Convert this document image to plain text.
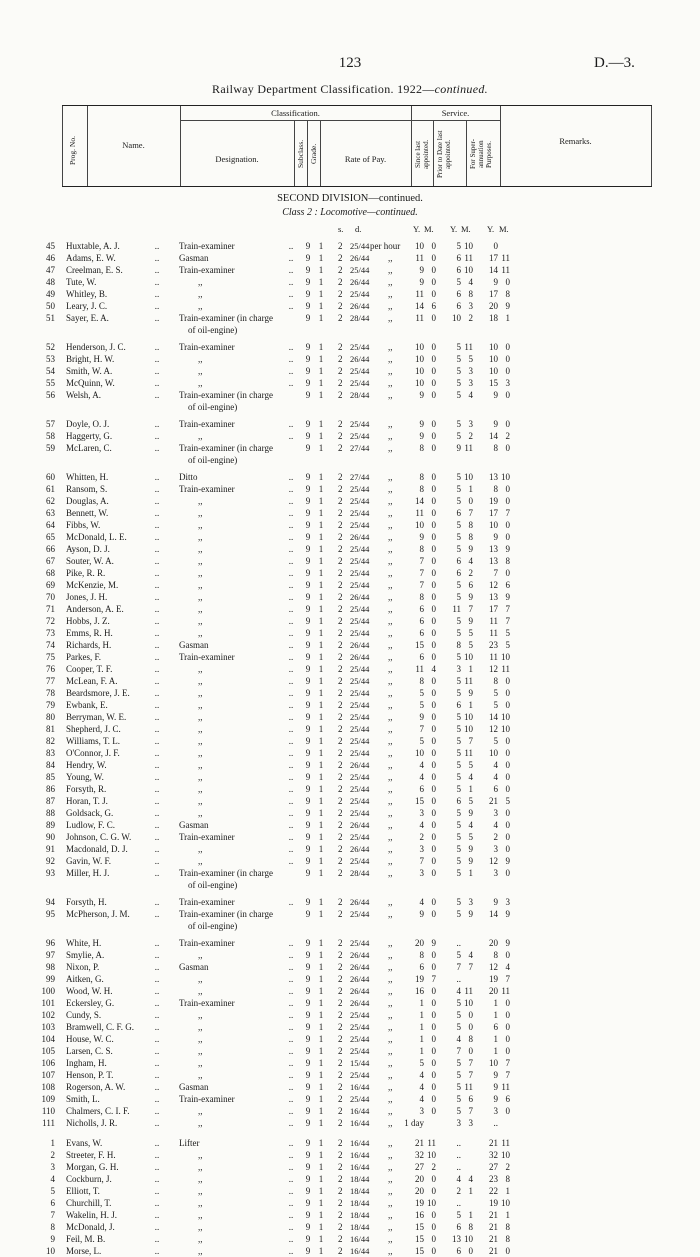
123	D.—3.
Railway Department Classification. 1922—continued.
Prog. No.	Name.
Classification.	Service.
Designation.	Subclass. Grade.	Rate of Pay.	Since last appointed. Prior to Date last appointed.	For Super-annuation Purposes.	Remarks.
SECOND DIVISION—continued.
Class 2 : Locomotive—continued.
s. d.	Y. M. Y. M. Y. M.
45 Huxtable, A. J.	..	Train-examiner	..	9 1	2 25/44 per hour	10 0	5 10	0
46 Adams, E. W.	..	Gasman	..	9 1	2 26/44 ,,	11 0	6 11	17 11
47 Creelman, E. S.	..	Train-examiner	..	9 1	2 25/44 ,,	9 0	6 10	14 11
48 Tute, W.	..	,,	..	9 1	2 26/44 ,,	9 0	5 4	9 0
49 Whitley, B.	..	,,	..	9 1	2 25/44 ,,	11 0	6 8	17 8
50 Leary, J. C.	..	,,	..	9 1	2 26/44 ,,	14 6	6 3	20 9
51 Sayer, E. A.	..	Train-examiner (in charge	9 1	2 28/44 ,,	11 0	10 2	18 1
of oil-engine)
52 Henderson, J. C.	..	Train-examiner	..	9 1	2 25/44 ,,	10 0	5 11	10 0
53 Bright, H. W.	..	,,	..	9 1	2 26/44 ,,	10 0	5 5	10 0
54 Smith, W. A.	..	,,	..	9 1	2 25/44 ,,	10 0	5 3	10 0
55 McQuinn, W.	..	,,	..	9 1	2 25/44 ,,	10 0	5 3	15 3
56 Welsh, A.	..	Train-examiner (in charge	9 1	2 28/44 ,,	9 0	5 4	9 0
of oil-engine)
57 Doyle, O. J.	..	Train-examiner	..	9 1	2 25/44 ,,	9 0	5 3	9 0
58 Haggerty, G.	..	,,	..	9 1	2 25/44 ,,	9 0	5 2	14 2
59 McLaren, C.	..	Train-examiner (in charge	9 1	2 27/44 ,,	8 0	9 11	8 0
of oil-engine)
60 Whitten, H.	..	Ditto	..	9 1	2 27/44 ,,	8 0	5 10	13 10
61 Ransom, S.	..	Train-examiner	..	9 1	2 25/44 ,,	8 0	5 1	8 0
62 Douglas, A.	..	,,	..	9 1	2 25/44 ,,	14 0	5 0	19 0
63 Bennett, W.	..	,,	..	9 1	2 25/44 ,,	11 0	6 7	17 7
64 Fibbs, W.	..	,,	..	9 1	2 25/44 ,,	10 0	5 8	10 0
65 McDonald, L. E.	..	,,	..	9 1	2 26/44 ,,	9 0	5 8	9 0
66 Ayson, D. J.	..	,,	..	9 1	2 25/44 ,,	8 0	5 9	13 9
67 Souter, W. A.	..	,,	..	9 1	2 25/44 ,,	7 0	6 4	13 8
68 Pike, R. R.	..	,,	..	9 1	2 25/44 ,,	7 0	6 2	7 0
69 McKenzie, M.	..	,,	..	9 1	2 25/44 ,,	7 0	5 6	12 6
70 Jones, J. H.	..	,,	..	9 1	2 26/44 ,,	8 0	5 9	13 9
71 Anderson, A. E.	..	,,	..	9 1	2 25/44 ,,	6 0	11 7	17 7
72 Hobbs, J. Z.	..	,,	..	9 1	2 25/44 ,,	6 0	5 9	11 7
73 Emms, R. H.	..	,,	..	9 1	2 25/44 ,,	6 0	5 5	11 5
74 Richards, H.	..	Gasman	..	9 1	2 26/44 ,,	15 0	8 5	23 5
75 Parkes, F.	..	Train-examiner	..	9 1	2 26/44 ,,	6 0	5 10	11 10
76 Cooper, T. F.	..	,,	..	9 1	2 25/44 ,,	11 4	3 1	12 11
77 McLean, F. A.	..	,,	..	9 1	2 25/44 ,,	8 0	5 11	8 0
78 Beardsmore, J. E.	..	,,	..	9 1	2 25/44 ,,	5 0	5 9	5 0
79 Ewbank, E.	..	,,	..	9 1	2 25/44 ,,	5 0	6 1	5 0
80 Berryman, W. E.	..	,,	..	9 1	2 25/44 ,,	9 0	5 10	14 10
81 Shepherd, J. C.	..	,,	..	9 1	2 25/44 ,,	7 0	5 10	12 10
82 Williams, T. L.	..	,,	..	9 1	2 25/44 ,,	5 0	5 7	5 0
83 O'Connor, J. F.	..	,,	..	9 1	2 25/44 ,,	10 0	5 11	10 0
84 Hendry, W.	..	,,	..	9 1	2 26/44 ,,	4 0	5 5	4 0
85 Young, W.	..	,,	..	9 1	2 25/44 ,,	4 0	5 4	4 0
86 Forsyth, R.	..	,,	..	9 1	2 25/44 ,,	6 0	5 1	6 0
87 Horan, T. J.	..	,,	..	9 1	2 25/44 ,,	15 0	6 5	21 5
88 Goldsack, G.	..	,,	..	9 1	2 25/44 ,,	3 0	5 9	3 0
89 Ludlow, F. C.	..	Gasman	..	9 1	2 26/44 ,,	4 0	5 4	4 0
90 Johnson, C. G. W.	..	Train-examiner	..	9 1	2 25/44 ,,	2 0	5 5	2 0
91 Macdonald, D. J.	..	,,	..	9 1	2 26/44 ,,	3 0	5 9	3 0
92 Gavin, W. F.	..	,,	..	9 1	2 25/44 ,,	7 0	5 9	12 9
93 Miller, H. J.	..	Train-examiner (in charge	9 1	2 28/44 ,,	3 0	5 1	3 0
of oil-engine)
94 Forsyth, H.	..	Train-examiner	..	9 1	2 26/44 ,,	4 0	5 3	9 3
95 McPherson, J. M.	..	Train-examiner (in charge	9 1	2 25/44 ,,	9 0	5 9	14 9
of oil-engine)
96 White, H.	..	Train-examiner	..	9 1	2 25/44 ,,	20 9	..	20 9
97 Smylie, A.	..	,,	..	9 1	2 26/44 ,,	8 0	5 4	8 0
98 Nixon, P.	..	Gasman	..	9 1	2 26/44 ,,	6 0	7 7	12 4
99 Aitken, G.	..	,,	..	9 1	2 26/44 ,,	19 7	..	19 7
100 Wood, W. H.	..	,,	..	9 1	2 26/44 ,,	16 0	4 11	20 11
101 Eckersley, G.	..	Train-examiner	..	9 1	2 26/44 ,,	1 0	5 10	1 0
102 Cundy, S.	..	,,	..	9 1	2 25/44 ,,	1 0	5 0	1 0
103 Bramwell, C. F. G.	..	,,	..	9 1	2 25/44 ,,	1 0	5 0	6 0
104 House, W. C.	..	,,	..	9 1	2 25/44 ,,	1 0	4 8	1 0
105 Larsen, C. S.	..	,,	..	9 1	2 25/44 ,,	1 0	7 0	1 0
106 Ingham, H.	..	,,	..	9 1	2 15/44 ,,	5 0	5 7	10 7
107 Henson, P. T.	..	,,	..	9 1	2 25/44 ,,	4 0	5 7	9 7
108 Rogerson, A. W.	..	Gasman	..	9 1	2 16/44 ,,	4 0	5 11	9 11
109 Smith, L.	..	Train-examiner	..	9 1	2 25/44 ,,	4 0	5 6	9 6
110 Chalmers, C. I. F.	..	,,	..	9 1	2 16/44 ,,	3 0	5 7	3 0
111 Nicholls, J. R.	..	,,	..	9 1	2 16/44 ,,	1 day	3 3	..
1 Evans, W.	..	Lifter	..	9 1	2 16/44 ,,	21 11	..	21 11
2 Streeter, F. H.	..	,,	..	9 1	2 16/44 ,,	32 10	..	32 10
3 Morgan, G. H.	..	,,	..	9 1	2 16/44 ,,	27 2	..	27 2
4 Cockburn, J.	..	,,	..	9 1	2 18/44 ,,	20 0	4 4	23 8
5 Elliott, T.	..	,,	..	9 1	2 18/44 ,,	20 0	2 1	22 1
6 Churchill, T.	..	,,	..	9 1	2 18/44 ,,	19 10	..	19 10
7 Wakelin, H. J.	..	,,	..	9 1	2 18/44 ,,	16 0	5 1	21 1
8 McDonald, J.	..	,,	..	9 1	2 18/44 ,,	15 0	6 8	21 8
9 Feil, M. B.	..	,,	..	9 1	2 16/44 ,,	15 0	13 10	21 8
10 Morse, L.	..	,,	..	9 1	2 16/44 ,,	15 0	6 0	21 0
